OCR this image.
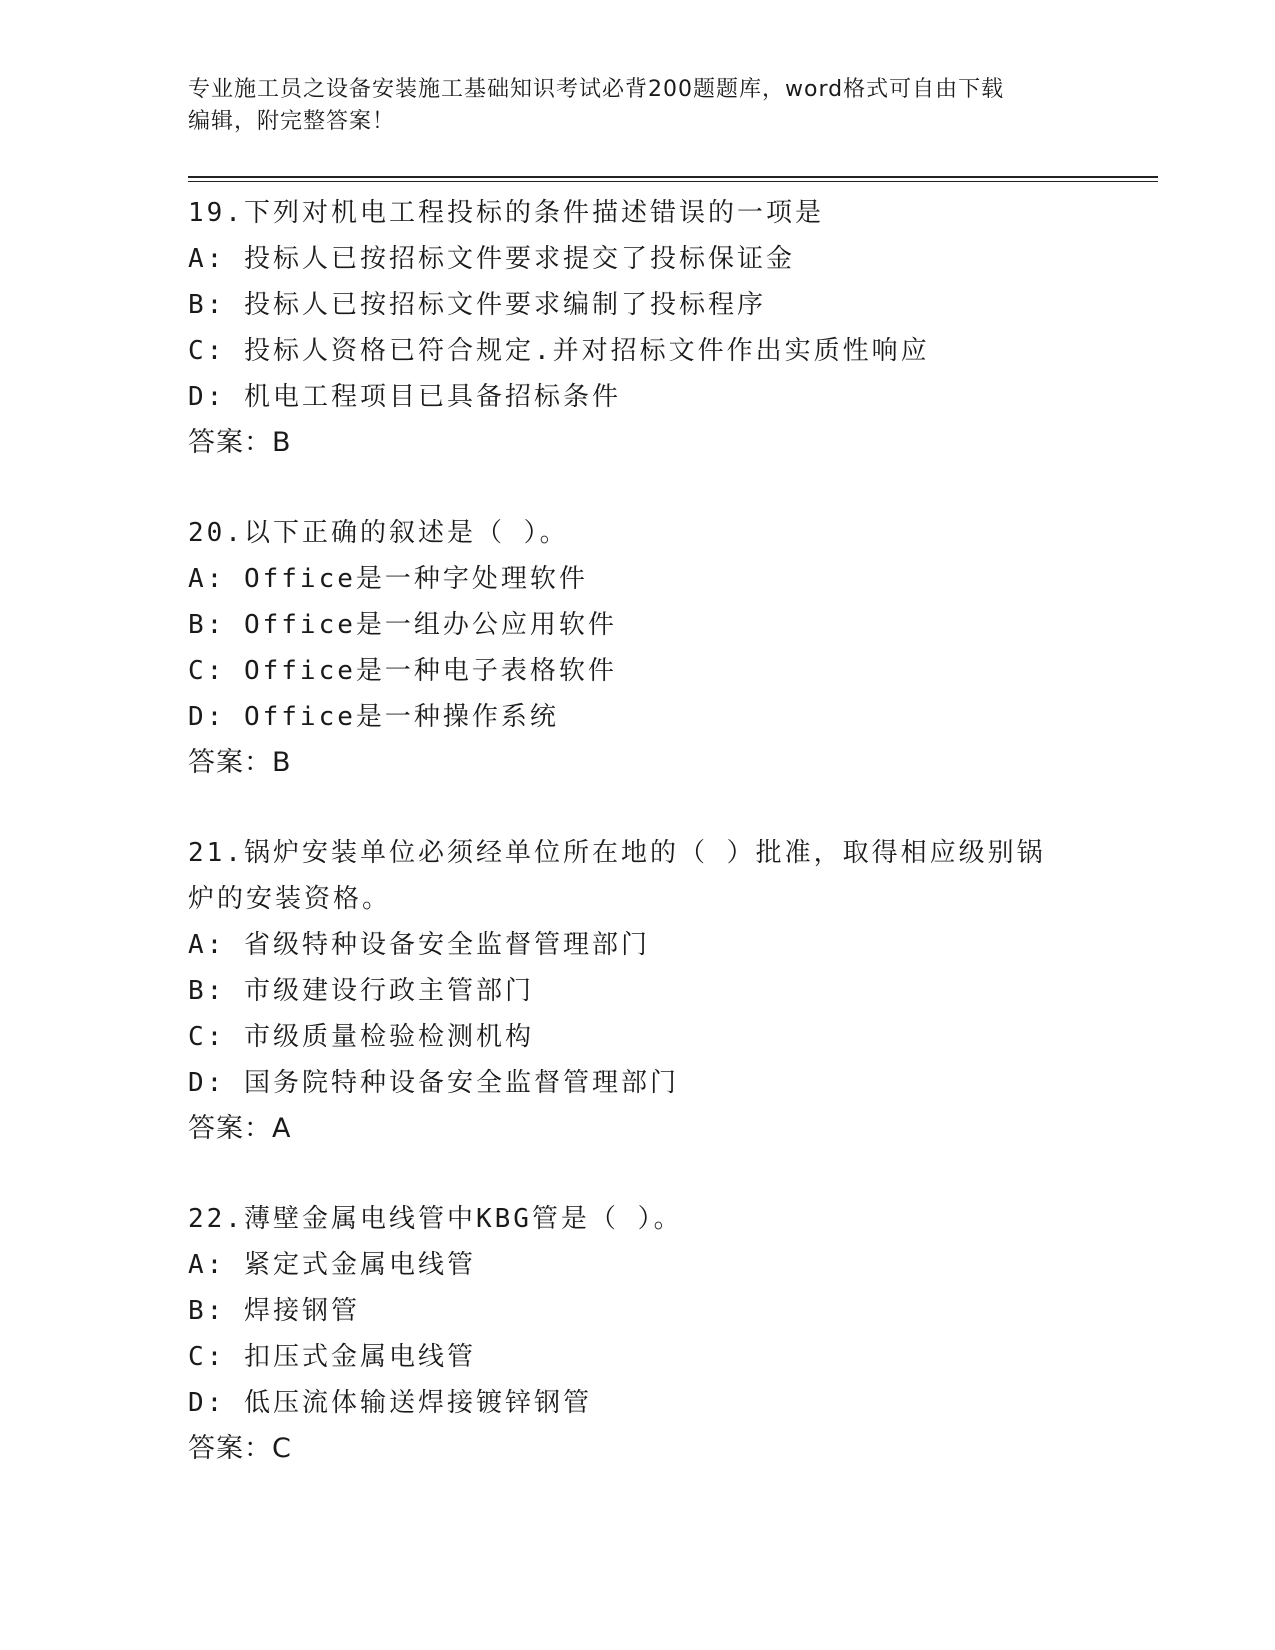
专业施工员之设备安装施工基础知识考试必背200题题库，word格式可自由下载
编辑，附完整答案！
19.下列对机电工程投标的条件描述错误的一项是
A: 投标人已按招标文件要求提交了投标保证金
B: 投标人已按招标文件要求编制了投标程序
C: 投标人资格已符合规定.并对招标文件作出实质性响应
D: 机电工程项目已具备招标条件
答案：B
20.以下正确的叙述是（ ）。
A: Office是一种字处理软件
B: Office是一组办公应用软件
C: Office是一种电子表格软件
D: Office是一种操作系统
答案：B
21.锅炉安装单位必须经单位所在地的（ ）批准，取得相应级别锅炉的安装资格。
A: 省级特种设备安全监督管理部门
B: 市级建设行政主管部门
C: 市级质量检验检测机构
D: 国务院特种设备安全监督管理部门
答案：A
22.薄壁金属电线管中KBG管是（ ）。
A: 紧定式金属电线管
B: 焊接钢管
C: 扣压式金属电线管
D: 低压流体输送焊接镀锌钢管
答案：C
